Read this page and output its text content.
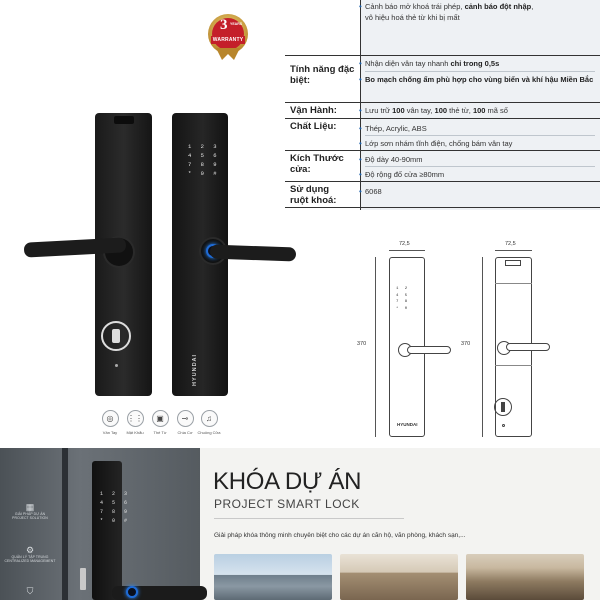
3 YEARS
WARRANTY
• Cảnh báo mở khoá trái phép, cảnh báo đột nhập,
vô hiệu hoá thẻ từ khi bị mất
Tính năng đặc biệt:
• Nhận diện vân tay nhanh chỉ trong 0,5s
• Bo mạch chống ẩm phù hợp cho vùng biển và khí hậu Miền Bắc
Vận Hành:	• Lưu trữ 100 vân tay, 100 thẻ từ, 100 mã số
Chất Liệu:	• Thép, Acrylic, ABS
• Lớp sơn nhám tĩnh điện, chống bám vân tay
Kích Thước cửa:
• Độ dày 40-90mm
• Độ rộng đố cửa ≥80mm
Sử dụng ruột khoá:
• 6068
1 2 3
4 5 6
7 8 9
* 0 #
HYUNDAI
◎
Vân Tay
⋮⋮
Mật Khẩu
▣
Thẻ Từ
⊸
Chìa Cơ
♫
Chuông Cửa
72,5	72,5
370	370
1 2
4 5
7 8
* 0
HYUNDAI
1 2 3
4 5 6
7 8 9
* 0 #
▦
GIẢI PHÁP DỰ ÁN
PROJECT SOLUTION
⚙
QUẢN LÝ TẬP TRUNG
CENTRALIZED MANAGEMENT
⛉
KHÓA DỰ ÁN
PROJECT SMART LOCK
Giải pháp khóa thông minh chuyên biệt cho các dự án căn hộ, văn phòng, khách sạn,...
